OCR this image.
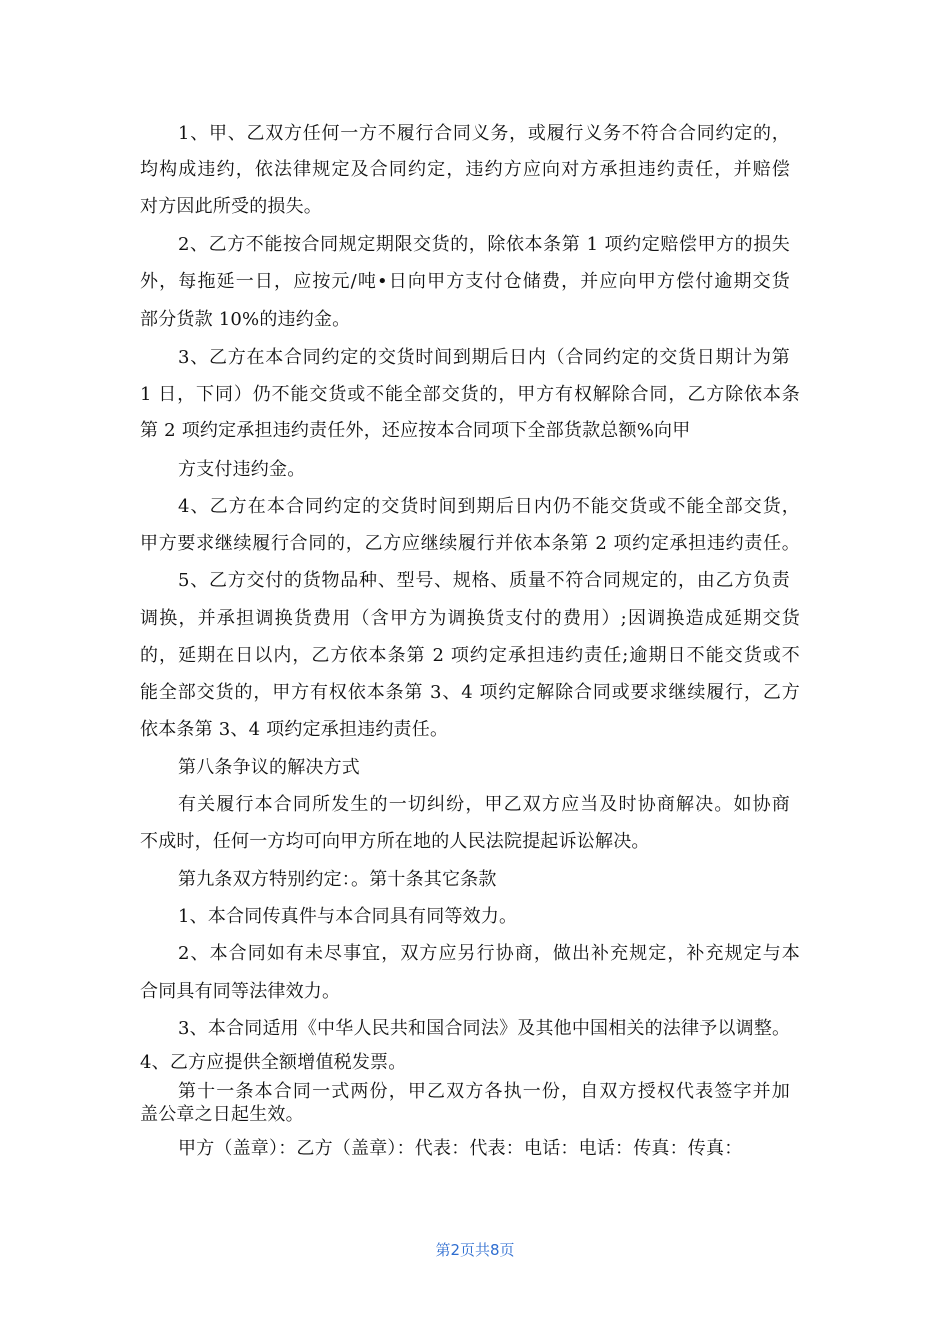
1、甲、乙双方任何一方不履行合同义务，或履行义务不符合合同约定的，
均构成违约，依法律规定及合同约定，违约方应向对方承担违约责任，并赔偿
对方因此所受的损失。
2、乙方不能按合同规定期限交货的，除依本条第 1 项约定赔偿甲方的损失
外，每拖延一日，应按元/吨•日向甲方支付仓储费，并应向甲方偿付逾期交货
部分货款 10%的违约金。
3、乙方在本合同约定的交货时间到期后日内（合同约定的交货日期计为第
1 日，下同）仍不能交货或不能全部交货的，甲方有权解除合同，乙方除依本条
第 2 项约定承担违约责任外，还应按本合同项下全部货款总额%向甲
方支付违约金。
4、乙方在本合同约定的交货时间到期后日内仍不能交货或不能全部交货，
甲方要求继续履行合同的，乙方应继续履行并依本条第 2 项约定承担违约责任。
5、乙方交付的货物品种、型号、规格、质量不符合同规定的，由乙方负责
调换，并承担调换货费用（含甲方为调换货支付的费用）;因调换造成延期交货
的，延期在日以内，乙方依本条第 2 项约定承担违约责任;逾期日不能交货或不
能全部交货的，甲方有权依本条第 3、4 项约定解除合同或要求继续履行，乙方
依本条第 3、4 项约定承担违约责任。
第八条争议的解决方式
有关履行本合同所发生的一切纠纷，甲乙双方应当及时协商解决。如协商
不成时，任何一方均可向甲方所在地的人民法院提起诉讼解决。
第九条双方特别约定：。第十条其它条款
1、本合同传真件与本合同具有同等效力。
2、本合同如有未尽事宜，双方应另行协商，做出补充规定，补充规定与本
合同具有同等法律效力。
3、本合同适用《中华人民共和国合同法》及其他中国相关的法律予以调整。
4、乙方应提供全额增值税发票。
第十一条本合同一式两份，甲乙双方各执一份，自双方授权代表签字并加
盖公章之日起生效。
甲方（盖章）：乙方（盖章）：代表：代表：电话：电话：传真：传真：
第2页共8页
